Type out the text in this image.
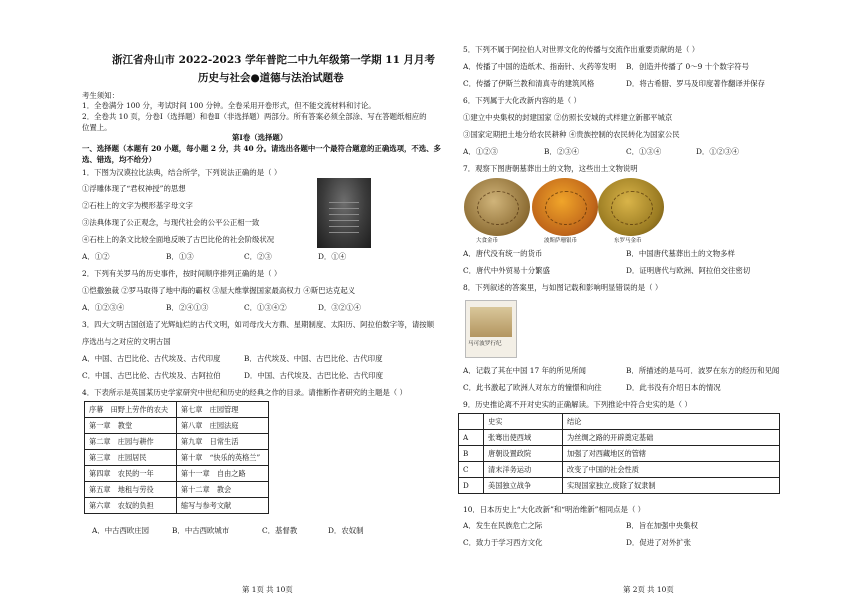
浙江省舟山市 2022-2023 学年普陀二中九年级第一学期 11 月月考
历史与社会●道德与法治试题卷
考生须知：
1．全卷满分 100 分，考试时间 100 分钟。全卷采用开卷形式，但不能交流材料和讨论。
2．全卷共 10 页，分卷Ⅰ（选择题）和卷Ⅱ（非选择题）两部分。所有答案必须全部涂、写在答题纸相应的
位置上。
第Ⅰ卷（选择题）
一、选择题（本题有 20 小题，每小题 2 分，共 40 分。请选出各题中一个最符合题意的正确选项，不选、多
选、错选，均不给分）
1．下图为汉谟拉比法典，结合所学，下列说法正确的是（ ）
①浮雕体现了“君权神授”的思想
②石柱上的文字为楔形基字母文字
③法典体现了公正观念，与现代社会的公平公正相一致
④石柱上的条文比较全面地反映了古巴比伦的社会阶级状况
A．①②	B．①③	C．②③	D．①④
2．下列有关罗马的历史事件，按时间顺序排列正确的是（ ）
①恺撒独裁 ②罗马取得了地中海的霸权 ③屋大维掌握国家最高权力 ④斯巴达克起义
A．①②③④	B．②④①③	C．①③④②	D．③②①④
3．四大文明古国创造了光辉灿烂的古代文明，如司母戊大方鼎、星期制度、太阳历、阿拉伯数字等，请按顺
序选出与之对应的文明古国
A．中国、古巴比伦、古代埃及、古代印度	B．古代埃及、中国、古巴比伦、古代印度
C．中国、古巴比伦、古代埃及、古阿拉伯	D．中国、古代埃及、古巴比伦、古代印度
4．下表所示是英国某历史学家研究中世纪和历史的经典之作的目录。请推断作者研究的主题是（ ）
序幕　田野上劳作的农夫	第七章　庄园管理
第一章　教堂	第八章　庄园法庭
第二章　庄园与耕作	第九章　日常生活
第三章　庄园居民	第十章　“快乐的英格兰”
第四章　农民的一年	第十一章　自由之路
第五章　地租与劳役	第十二章　教会
第六章　农奴的负担	缩写与参考文献
A．中古西欧庄园	B．中古西欧城市	C．基督教	D．农奴制
5．下列不属于阿拉伯人对世界文化的传播与交流作出重要贡献的是（ ）
A．传播了中国的造纸术、指南针、火药等发明 B．创造并传播了 0～9 十个数字符号
C．传播了伊斯兰教和清真寺的建筑风格	D．将古希腊、罗马及印度著作翻译并保存
6．下列属于大化改新内容的是（ ）
①建立中央集权的封建国家 ②仿照长安城的式样建立新都平城京
③国家定期把土地分给农民耕种 ④贵族控制的农民转化为国家公民
A．①②③	B．②③④	C．①③④	D．①②③④
7．观察下图唐朝墓葬出土的文物，这些出土文物说明
大食金币	波斯萨珊银币	东罗马金币
A．唐代没有统一的货币	B．中国唐代墓葬出土的文物多样
C．唐代中外贸易十分繁盛	D．证明唐代与欧洲、阿拉伯交往密切
8．下列叙述的答案里，与如图记载和影响明显错误的是（ ）
马可波罗行纪
A．记载了其在中国 17 年的所见所闻	B．所描述的是马可．波罗在东方的经历和见闻
C．此书激起了欧洲人对东方的憧憬和向往	D．此书没有介绍日本的情况
9．历史推论离不开对史实的正确解读。下列推论中符合史实的是（ ）
	史实	结论
A	张骞出使西域	为丝绸之路的开辟奠定基础
B	唐朝设置政院	加强了对西藏地区的管辖
C	清末洋务运动	改变了中国的社会性质
D	美国独立战争	实现国家独立,废除了奴隶制
10．日本历史上“大化改新”和“明治维新”相同点是（ ）
A．发生在民族危亡之际	B．旨在加强中央集权
C．致力于学习西方文化	D．促进了对外扩张
第 1页 共 10页	第 2页 共 10页
